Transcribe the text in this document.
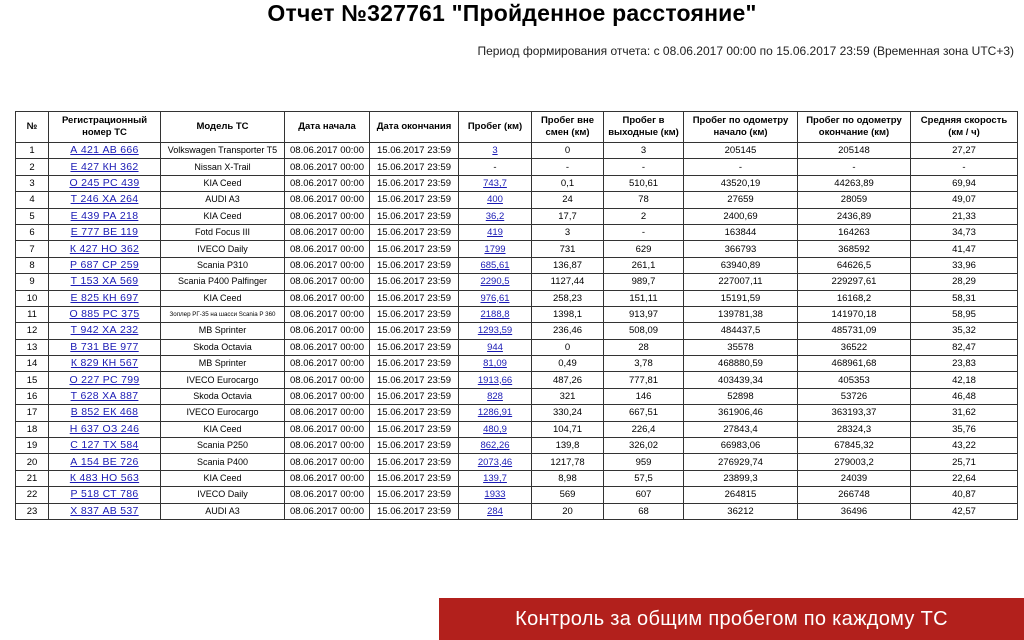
Отчет №327761 "Пройденное расстояние"
Период формирования отчета: с 08.06.2017 00:00 по 15.06.2017 23:59 (Временная зона UTC+3)
№	Регистрационный номер ТС	Модель ТС	Дата начала	Дата окончания	Пробег (км)	Пробег вне смен (км)	Пробег в выходные (км)	Пробег по одометру начало (км)	Пробег по одометру окончание (км)	Средняя скорость (км / ч)
1	А 421 АВ 666	Volkswagen Transporter T5	08.06.2017 00:00	15.06.2017 23:59	3	0	3	205145	205148	27,27
2	Е 427 КН 362	Nissan X-Trail	08.06.2017 00:00	15.06.2017 23:59	-	-	-	-	-	-
3	О 245 РС 439	KIA Ceed	08.06.2017 00:00	15.06.2017 23:59	743,7	0,1	510,61	43520,19	44263,89	69,94
4	Т 246 ХА 264	AUDI A3	08.06.2017 00:00	15.06.2017 23:59	400	24	78	27659	28059	49,07
5	Е 439 РА 218	KIA Ceed	08.06.2017 00:00	15.06.2017 23:59	36,2	17,7	2	2400,69	2436,89	21,33
6	Е 777 ВЕ 119	Fotd Focus III	08.06.2017 00:00	15.06.2017 23:59	419	3	-	163844	164263	34,73
7	К 427 НО 362	IVECO Daily	08.06.2017 00:00	15.06.2017 23:59	1799	731	629	366793	368592	41,47
8	Р 687 СР 259	Scania P310	08.06.2017 00:00	15.06.2017 23:59	685,61	136,87	261,1	63940,89	64626,5	33,96
9	Т 153 ХА 569	Scania P400 Palfinger	08.06.2017 00:00	15.06.2017 23:59	2290,5	1127,44	989,7	227007,11	229297,61	28,29
10	Е 825 КН 697	KIA Ceed	08.06.2017 00:00	15.06.2017 23:59	976,61	258,23	151,11	15191,59	16168,2	58,31
11	О 885 РС 375	Зоплер РГ-35 на шасси Scania P 360	08.06.2017 00:00	15.06.2017 23:59	2188,8	1398,1	913,97	139781,38	141970,18	58,95
12	Т 942 ХА 232	MB Sprinter	08.06.2017 00:00	15.06.2017 23:59	1293,59	236,46	508,09	484437,5	485731,09	35,32
13	В 731 ВЕ 977	Skoda Octavia	08.06.2017 00:00	15.06.2017 23:59	944	0	28	35578	36522	82,47
14	К 829 КН 567	MB Sprinter	08.06.2017 00:00	15.06.2017 23:59	81,09	0,49	3,78	468880,59	468961,68	23,83
15	О 227 РС 799	IVECO Eurocargo	08.06.2017 00:00	15.06.2017 23:59	1913,66	487,26	777,81	403439,34	405353	42,18
16	Т 628 ХА 887	Skoda Octavia	08.06.2017 00:00	15.06.2017 23:59	828	321	146	52898	53726	46,48
17	В 852 ЕК 468	IVECO Eurocargo	08.06.2017 00:00	15.06.2017 23:59	1286,91	330,24	667,51	361906,46	363193,37	31,62
18	Н 637 ОЗ 246	KIA Ceed	08.06.2017 00:00	15.06.2017 23:59	480,9	104,71	226,4	27843,4	28324,3	35,76
19	С 127 ТХ 584	Scania P250	08.06.2017 00:00	15.06.2017 23:59	862,26	139,8	326,02	66983,06	67845,32	43,22
20	А 154 ВЕ 726	Scania P400	08.06.2017 00:00	15.06.2017 23:59	2073,46	1217,78	959	276929,74	279003,2	25,71
21	К 483 НО 563	KIA Ceed	08.06.2017 00:00	15.06.2017 23:59	139,7	8,98	57,5	23899,3	24039	22,64
22	Р 518 СТ 786	IVECO Daily	08.06.2017 00:00	15.06.2017 23:59	1933	569	607	264815	266748	40,87
23	Х 837 АВ 537	AUDI A3	08.06.2017 00:00	15.06.2017 23:59	284	20	68	36212	36496	42,57
Контроль за общим пробегом по каждому ТС
